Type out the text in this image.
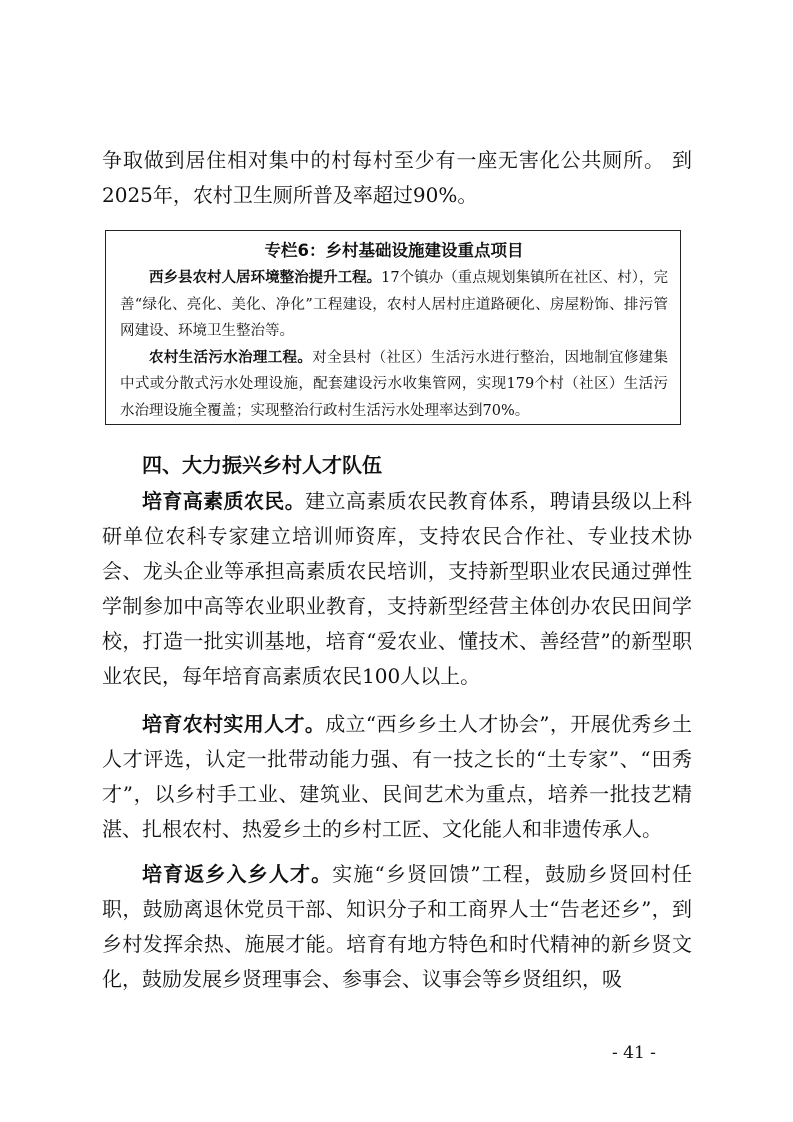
争取做到居住相对集中的村每村至少有一座无害化公共厕所。 到2025年，农村卫生厕所普及率超过90%。

专栏6：乡村基础设施建设重点项目

西乡县农村人居环境整治提升工程。17个镇办（重点规划集镇所在社区、村），完善“绿化、亮化、美化、净化”工程建设，农村人居村庄道路硬化、房屋粉饰、排污管网建设、环境卫生整治等。

农村生活污水治理工程。对全县村（社区）生活污水进行整治，因地制宜修建集中式或分散式污水处理设施，配套建设污水收集管网，实现179个村（社区）生活污水治理设施全覆盖；实现整治行政村生活污水处理率达到70%。

四、大力振兴乡村人才队伍

培育高素质农民。建立高素质农民教育体系，聘请县级以上科研单位农科专家建立培训师资库，支持农民合作社、专业技术协会、龙头企业等承担高素质农民培训，支持新型职业农民通过弹性学制参加中高等农业职业教育，支持新型经营主体创办农民田间学校，打造一批实训基地，培育“爱农业、懂技术、善经营”的新型职业农民，每年培育高素质农民100人以上。

培育农村实用人才。成立“西乡乡土人才协会”，开展优秀乡土人才评选，认定一批带动能力强、有一技之长的“土专家”、“田秀才”，以乡村手工业、建筑业、民间艺术为重点，培养一批技艺精湛、扎根农村、热爱乡土的乡村工匠、文化能人和非遗传承人。

培育返乡入乡人才。实施“乡贤回馈”工程，鼓励乡贤回村任职，鼓励离退休党员干部、知识分子和工商界人士“告老还乡”，到乡村发挥余热、施展才能。培育有地方特色和时代精神的新乡贤文化，鼓励发展乡贤理事会、参事会、议事会等乡贤组织，吸

- 41 -
